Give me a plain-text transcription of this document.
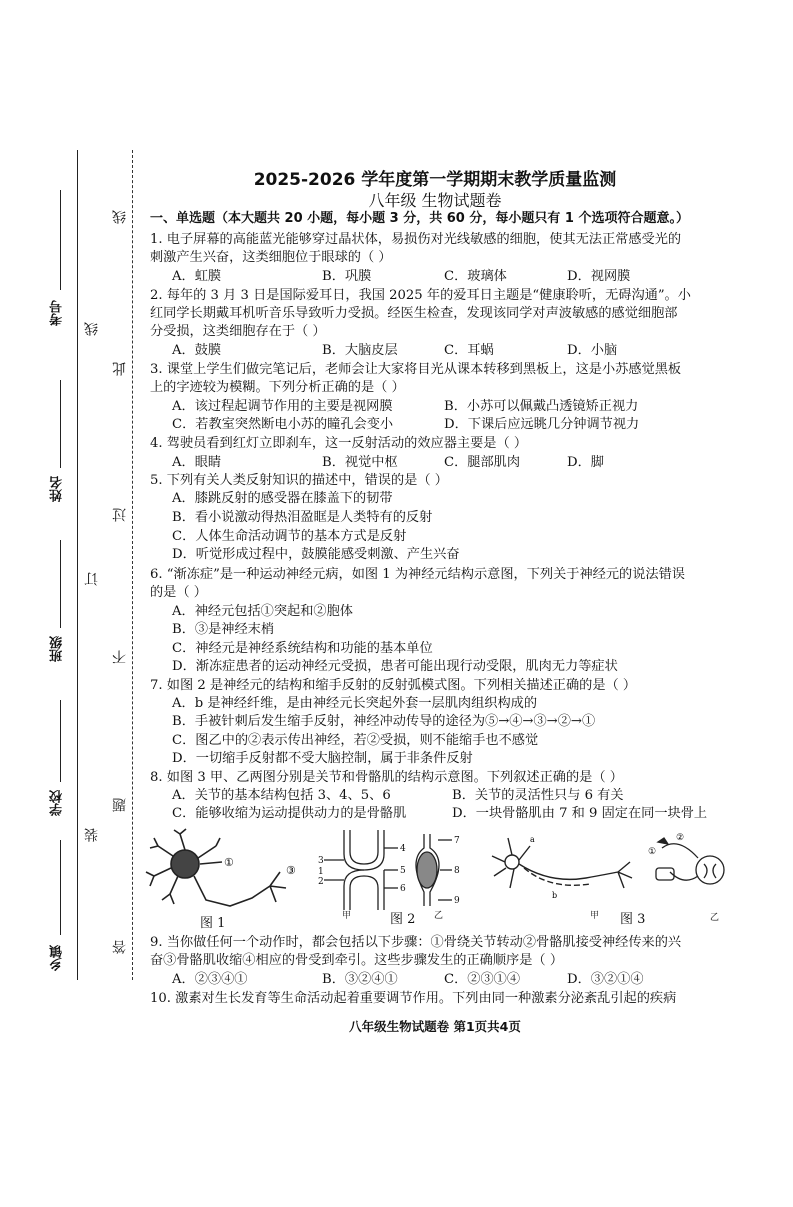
考号
姓名
班级
学校
乡镇
线
线
此
过
订
不
题
装
答
2025-2026 学年度第一学期期末教学质量监测
八年级 生物试题卷
一、单选题（本大题共 20 小题，每小题 3 分，共 60 分，每小题只有 1 个选项符合题意。）
1. 电子屏幕的高能蓝光能够穿过晶状体，易损伤对光线敏感的细胞，使其无法正常感受光的
刺激产生兴奋，这类细胞位于眼球的（ ）
A．虹膜	B．巩膜	C．玻璃体	D．视网膜
2. 每年的 3 月 3 日是国际爱耳日，我国 2025 年的爱耳日主题是“健康聆听，无碍沟通”。小
红同学长期戴耳机听音乐导致听力受损。经医生检查，发现该同学对声波敏感的感觉细胞部
分受损，这类细胞存在于（ ）
A．鼓膜	B．大脑皮层	C．耳蜗	D．小脑
3. 课堂上学生们做完笔记后，老师会让大家将目光从课本转移到黑板上，这是小苏感觉黑板
上的字迹较为模糊。下列分析正确的是（ ）
A．该过程起调节作用的主要是视网膜	B．小苏可以佩戴凸透镜矫正视力
C．若教室突然断电小苏的瞳孔会变小	D．下课后应远眺几分钟调节视力
4. 驾驶员看到红灯立即刹车，这一反射活动的效应器主要是（ ）
A．眼睛	B．视觉中枢	C．腿部肌肉	D．脚
5. 下列有关人类反射知识的描述中，错误的是（ ）
A．膝跳反射的感受器在膝盖下的韧带
B．看小说激动得热泪盈眶是人类特有的反射
C．人体生命活动调节的基本方式是反射
D．听觉形成过程中，鼓膜能感受刺激、产生兴奋
6. “渐冻症”是一种运动神经元病，如图 1 为神经元结构示意图，下列关于神经元的说法错误
的是（ ）
A．神经元包括①突起和②胞体
B．③是神经末梢
C．神经元是神经系统结构和功能的基本单位
D．渐冻症患者的运动神经元受损，患者可能出现行动受限，肌肉无力等症状
7. 如图 2 是神经元的结构和缩手反射的反射弧模式图。下列相关描述正确的是（ ）
A．b 是神经纤维，是由神经元长突起外套一层肌肉组织构成的
B．手被针刺后发生缩手反射，神经冲动传导的途径为⑤→④→③→②→①
C．图乙中的②表示传出神经，若②受损，则不能缩手也不感觉
D．一切缩手反射都不受大脑控制，属于非条件反射
8. 如图 3 甲、乙两图分别是关节和骨骼肌的结构示意图。下列叙述正确的是（ ）
A．关节的基本结构包括 3、4、5、6	B．关节的灵活性只与 6 有关
C．能够收缩为运动提供动力的是骨骼肌	D．一块骨骼肌由 7 和 9 固定在同一块骨上
①
③
图 1
3
1
2
4
5
6
7
8
9
甲	图 2 乙
b
a
①
②
甲 图 3	乙
9. 当你做任何一个动作时，都会包括以下步骤：①骨绕关节转动②骨骼肌接受神经传来的兴
奋③骨骼肌收缩④相应的骨受到牵引。这些步骤发生的正确顺序是（ ）
A．②③④①	B．③②④①	C．②③①④	D．③②①④
10. 激素对生长发育等生命活动起着重要调节作用。下列由同一种激素分泌紊乱引起的疾病
八年级生物试题卷 第1页共4页
